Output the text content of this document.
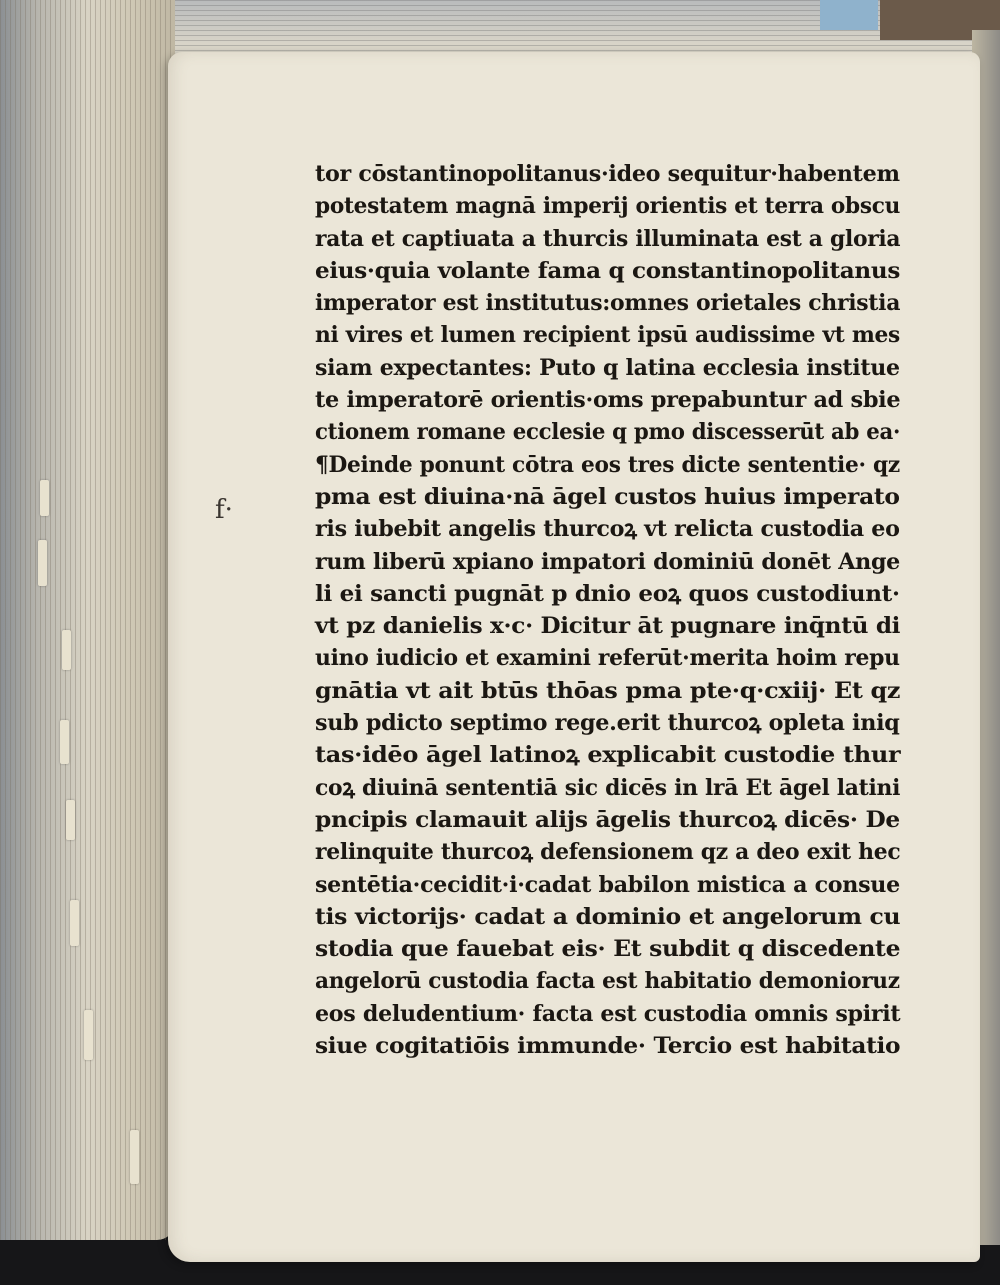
f·
tor cōstantinopolitanus·ideo sequitur·habentem
potestatem magnā imperij orientis et terra obscu
rata et captiuata a thurcis illuminata est a gloria
eius·quia volante fama q constantinopolitanus
imperator est institutus:omnes orietales christia
ni vires et lumen recipient ipsū audissime vt mes
siam expectantes: Puto q latina ecclesia institue
te imperatorē orientis·oms prepabuntur ad sbie
ctionem romane ecclesie q pmo discesserūt ab ea·
¶Deinde ponunt cōtra eos tres dicte sententie· qz
pma est diuina·nā āgel custos huius imperato
ris iubebit angelis thurcoꝝ vt relicta custodia eo
rum liberū xpiano impatori dominiū donēt Ange
li ei sancti pugnāt p dnio eoꝝ quos custodiunt·
vt pz danielis x·c· Dicitur āt pugnare inq̄ntū di
uino iudicio et examini referūt·merita hoim repu
gnātia vt ait btūs thōas pma pte·q·cxiij· Et qz
sub pdicto septimo rege.erit thurcoꝝ opleta iniq
tas·idēo āgel latinoꝝ explicabit custodie thur
coꝝ diuinā sententiā sic dicēs in lrā Et āgel latini
pncipis clamauit alijs āgelis thurcoꝝ dicēs· De
relinquite thurcoꝝ defensionem qz a deo exit hec
sentētia·cecidit·i·cadat babilon mistica a consue
tis victorijs· cadat a dominio et angelorum cu
stodia que fauebat eis· Et subdit q discedente
angelorū custodia facta est habitatio demonioruz
eos deludentium· facta est custodia omnis spirit
siue cogitatiōis immunde· Tercio est habitatio
